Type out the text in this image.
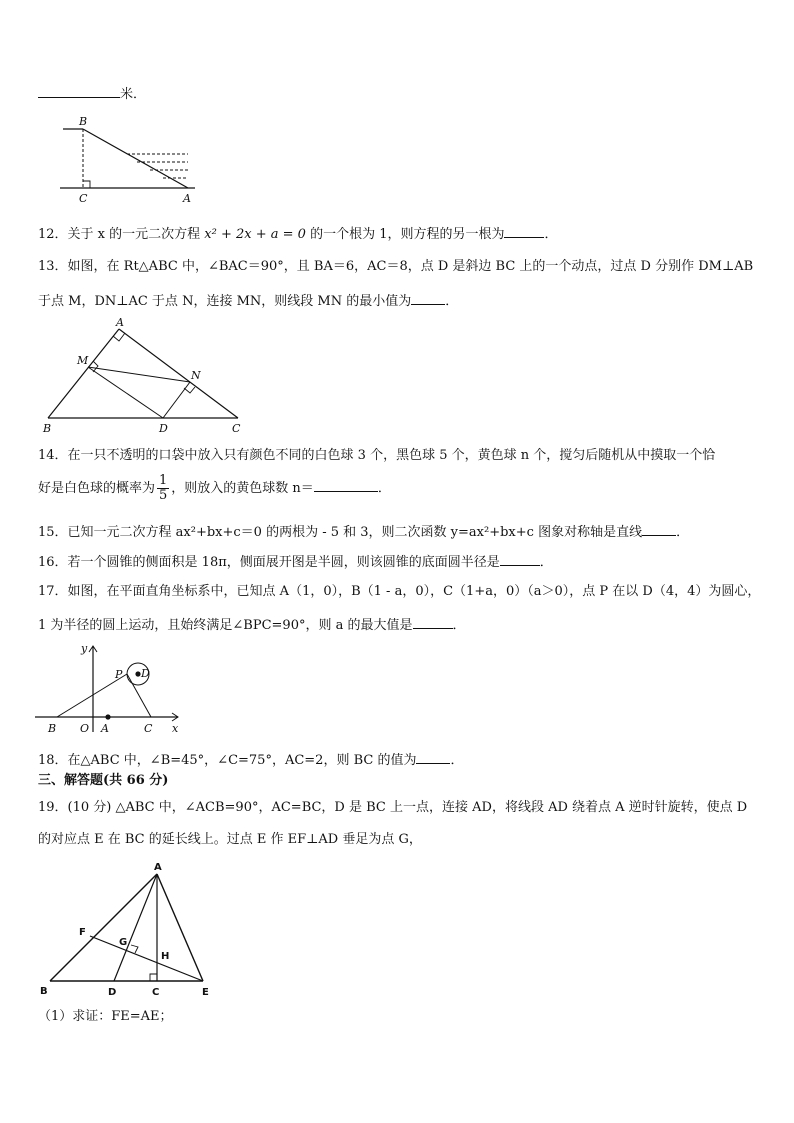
米．
B
C	A
12．关于 x 的一元二次方程 x² + 2x + a = 0 的一个根为 1，则方程的另一根为	．
13．如图，在 Rt△ABC 中，∠BAC＝90°，且 BA＝6，AC＝8，点 D 是斜边 BC 上的一个动点，过点 D 分别作 DM⊥AB
于点 M，DN⊥AC 于点 N，连接 MN，则线段 MN 的最小值为	．
A
M
N
B	D	C
14．在一只不透明的口袋中放入只有颜色不同的白色球 3 个，黑色球 5 个，黄色球 n 个，搅匀后随机从中摸取一个恰
好是白色球的概率为 $\frac{1}{5}$ ，则放入的黄色球数 n＝	．
15．已知一元二次方程 ax²+bx+c＝0 的两根为 - 5 和 3，则二次函数 y=ax²+bx+c 图象对称轴是直线	．
16．若一个圆锥的侧面积是 18π，侧面展开图是半圆，则该圆锥的底面圆半径是	．
17．如图，在平面直角坐标系中，已知点 A（1，0），B（1 - a，0），C（1+a，0）（a＞0），点 P 在以 D（4，4）为圆心，
1 为半径的圆上运动，且始终满足∠BPC=90°，则 a 的最大值是	．
y
x
P D
B O A	C
18．在△ABC 中，∠B=45°，∠C=75°，AC=2，则 BC 的值为	．
三、解答题(共 66 分)
19．(10 分) △ABC 中，∠ACB=90°，AC=BC，D 是 BC 上一点，连接 AD，将线段 AD 绕着点 A 逆时针旋转，使点 D
的对应点 E 在 BC 的延长线上。过点 E 作 EF⊥AD 垂足为点 G，
A
F
G
H
B	D	C	E
（1）求证：FE=AE；
